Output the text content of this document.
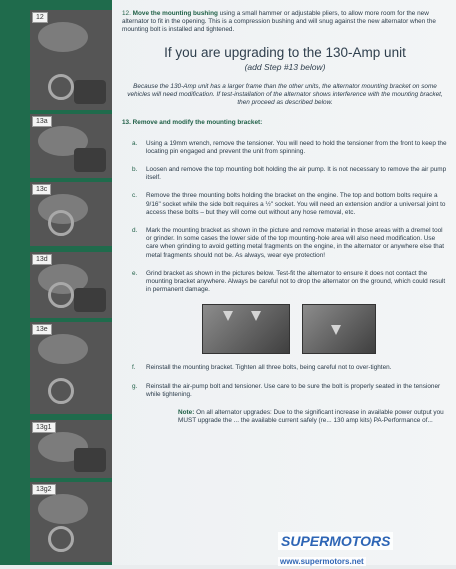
12
13a
13c
13d
13e
13g1
13g2

12. Move the mounting bushing using a small hammer or adjustable pliers, to allow more room for the new alternator to fit in the opening. This is a compression bushing and will snug against the new alternator when the mounting bolt is installed and tightened.

If you are upgrading to the 130-Amp unit
(add Step #13 below)

Because the 130-Amp unit has a larger frame than the other units, the alternator mounting bracket on some vehicles will need modification. If test-installation of the alternator shows interference with the mounting bracket, then proceed as described below.

13. Remove and modify the mounting bracket:

a.	Using a 19mm wrench, remove the tensioner. You will need to hold the tensioner from the front to keep the locating pin engaged and prevent the unit from spinning.
b.	Loosen and remove the top mounting bolt holding the air pump. It is not necessary to remove the air pump itself.
c.	Remove the three mounting bolts holding the bracket on the engine. The top and bottom bolts require a 9/16" socket while the side bolt requires a ½" socket. You will need an extension and/or a universal joint to access these bolts – but they will come out without any hose removal, etc.
d.	Mark the mounting bracket as shown in the picture and remove material in those areas with a dremel tool or grinder. In some cases the lower side of the top mounting-hole area will also need modification. Use care when grinding to avoid getting metal fragments on the engine, in the alternator or anywhere else that metal fragments should not be. As always, wear eye protection!
e.	Grind bracket as shown in the pictures below. Test-fit the alternator to ensure it does not contact the mounting bracket anywhere. Always be careful not to drop the alternator on the ground, which could result in permanent damage.
f.	Reinstall the mounting bracket. Tighten all three bolts, being careful not to over-tighten.
g.	Reinstall the air-pump bolt and tensioner. Use care to be sure the bolt is properly seated in the tensioner while tightening.

Note: On all alternator upgrades: Due to the significant increase in available power output you MUST upgrade the ... the available current safely (re... 130 amp kits) PA-Performance of...

SUPERMOTORS
www.supermotors.net
